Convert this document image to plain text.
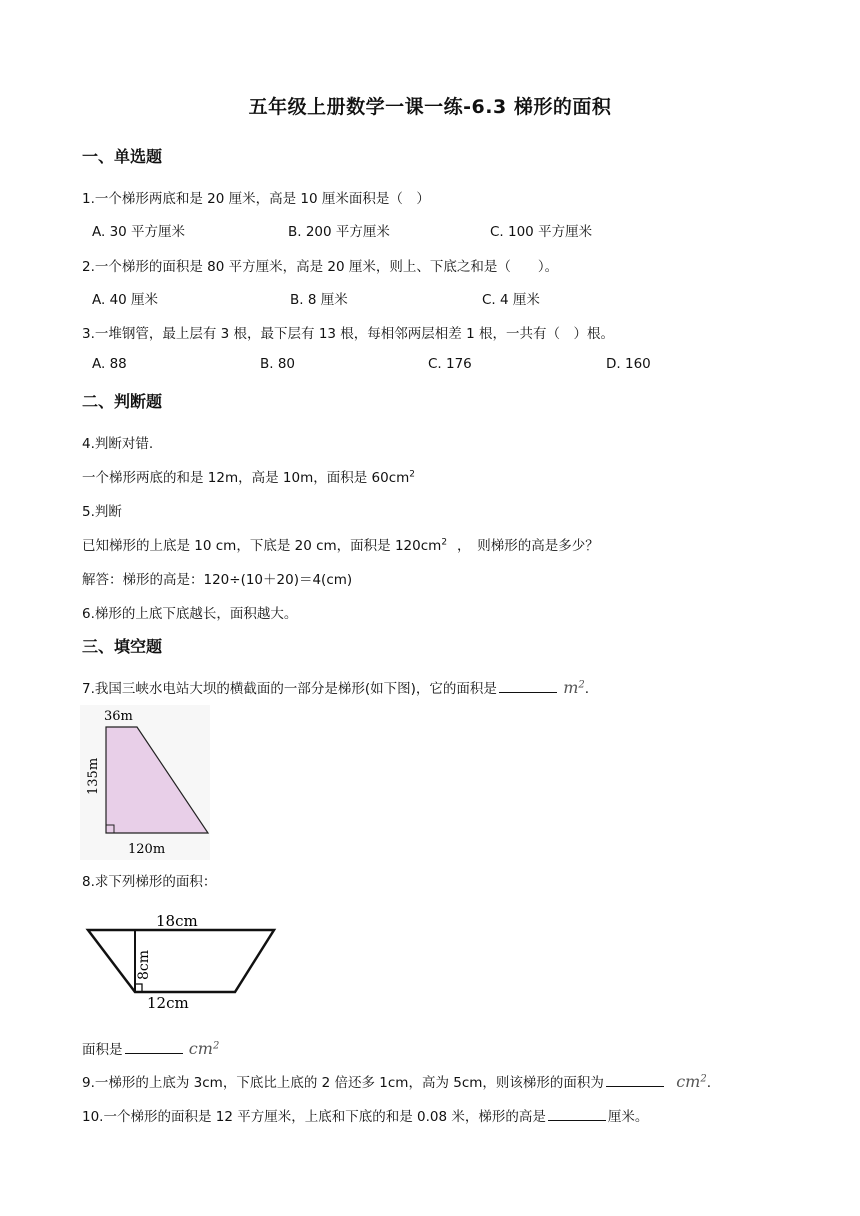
五年级上册数学一课一练-6.3 梯形的面积
一、单选题
1.一个梯形两底和是 20 厘米，高是 10 厘米面积是（　）
A. 30 平方厘米	B. 200 平方厘米	C. 100 平方厘米
2.一个梯形的面积是 80 平方厘米，高是 20 厘米，则上、下底之和是（　　）。
A. 40 厘米	B. 8 厘米	C. 4 厘米
3.一堆钢管，最上层有 3 根，最下层有 13 根，每相邻两层相差 1 根，一共有（　）根。
A. 88	B. 80	C. 176	D. 160
二、判断题
4.判断对错.
一个梯形两底的和是 12m，高是 10m，面积是 $60cm^2$
5.判断
已知梯形的上底是 10 cm，下底是 20 cm，面积是 $120cm^2$ ，　则梯形的高是多少？
解答：梯形的高是：120÷(10＋20)＝4(cm)
6.梯形的上底下底越长，面积越大。
三、填空题
7.我国三峡水电站大坝的横截面的一部分是梯形(如下图)，它的面积是	$m^2$.
36m
135m
120m
8.求下列梯形的面积：
18cm
8cm
12cm
面积是	$cm^2$
9.一梯形的上底为 3cm，下底比上底的 2 倍还多 1cm，高为 5cm，则该梯形的面积为	$cm^2$.
10.一个梯形的面积是 12 平方厘米，上底和下底的和是 0.08 米，梯形的高是	厘米。
